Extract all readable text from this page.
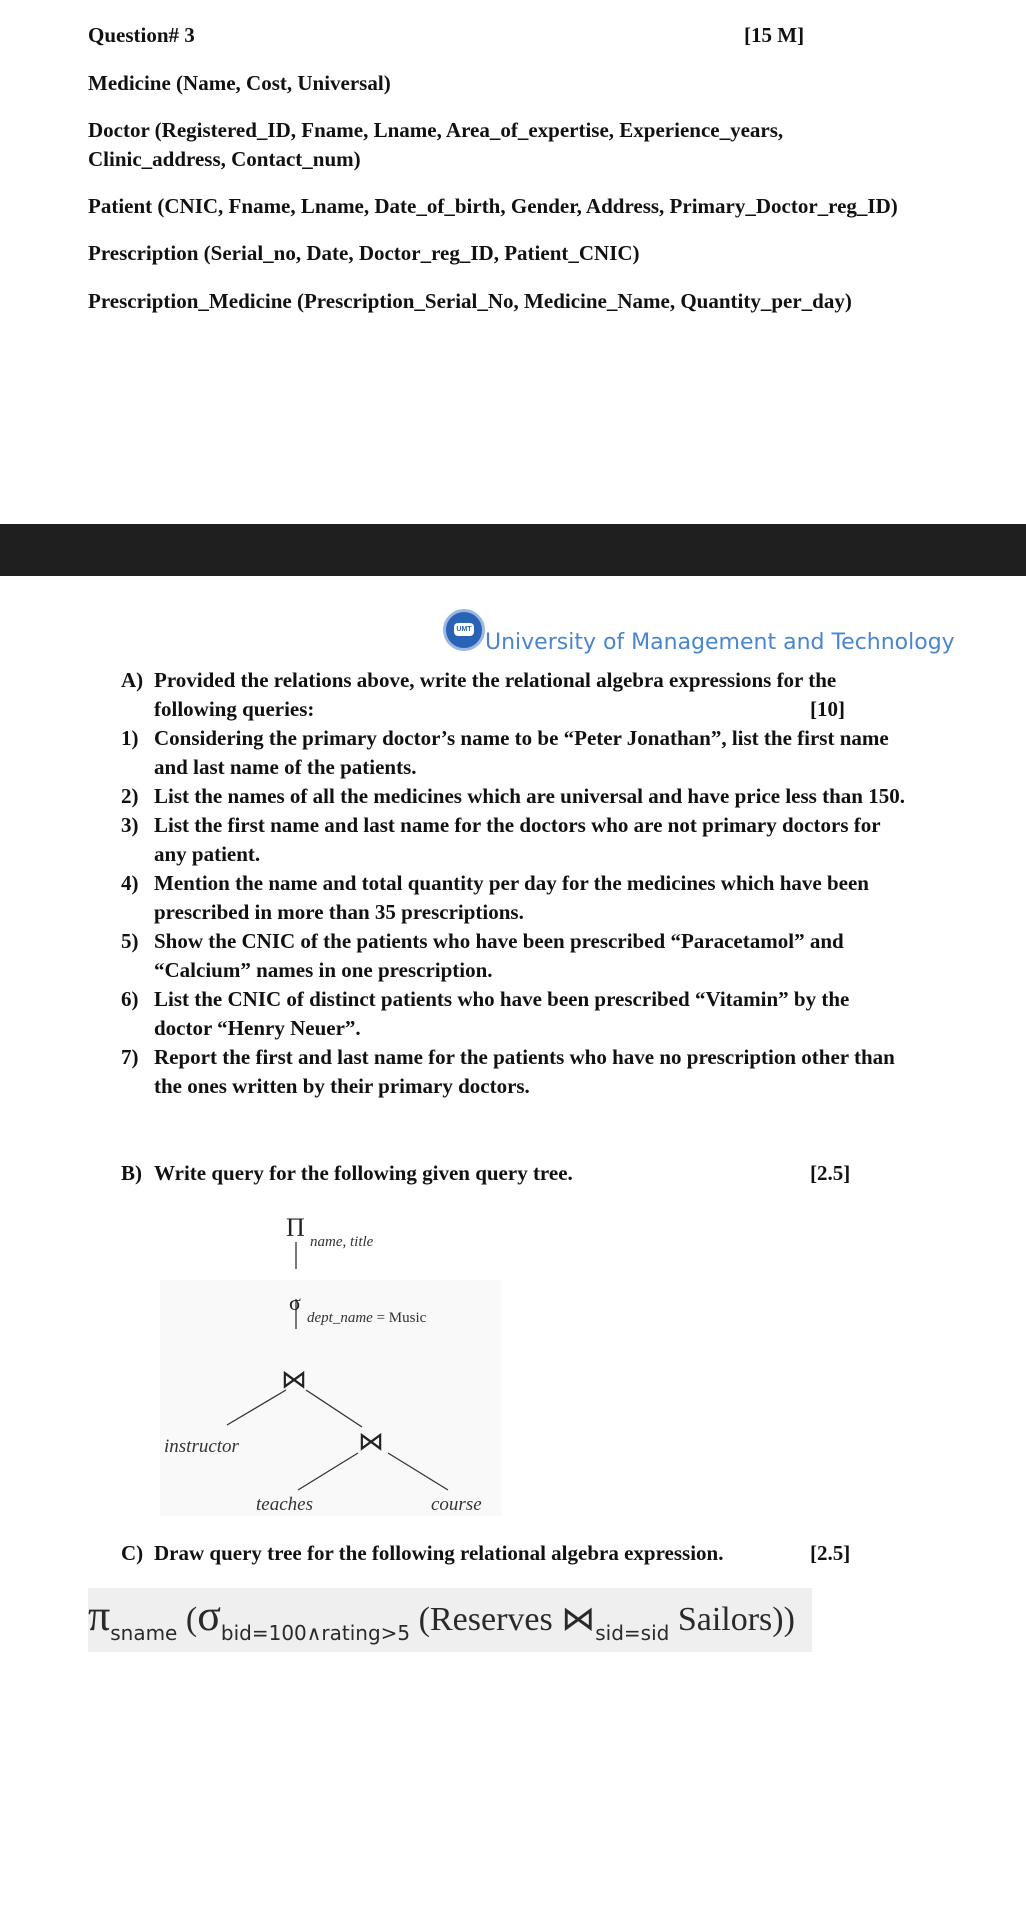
Question# 3	[15 M]
Medicine (Name, Cost, Universal)
Doctor (Registered_ID, Fname, Lname, Area_of_expertise, Experience_years,
Clinic_address, Contact_num)
Patient (CNIC, Fname, Lname, Date_of_birth, Gender, Address, Primary_Doctor_reg_ID)
Prescription (Serial_no, Date, Doctor_reg_ID, Patient_CNIC)
Prescription_Medicine (Prescription_Serial_No, Medicine_Name, Quantity_per_day)
UMT
University of Management and Technology
A) Provided the relations above, write the relational algebra expressions for the
following queries:	[10]
1) Considering the primary doctor’s name to be “Peter Jonathan”, list the first name
and last name of the patients.
2) List the names of all the medicines which are universal and have price less than 150.
3) List the first name and last name for the doctors who are not primary doctors for
any patient.
4) Mention the name and total quantity per day for the medicines which have been
prescribed in more than 35 prescriptions.
5) Show the CNIC of the patients who have been prescribed “Paracetamol” and
“Calcium” names in one prescription.
6) List the CNIC of distinct patients who have been prescribed “Vitamin” by the
doctor “Henry Neuer”.
7) Report the first and last name for the patients who have no prescription other than
the ones written by their primary doctors.
B) Write query for the following given query tree.	[2.5]
Π name, title
σ
dept_name = Music
⋈
⋈
instructor
teaches	course
C) Draw query tree for the following relational algebra expression.	[2.5]
πsname (σbid=100∧rating>5 (Reserves ⋈sid=sid Sailors))
